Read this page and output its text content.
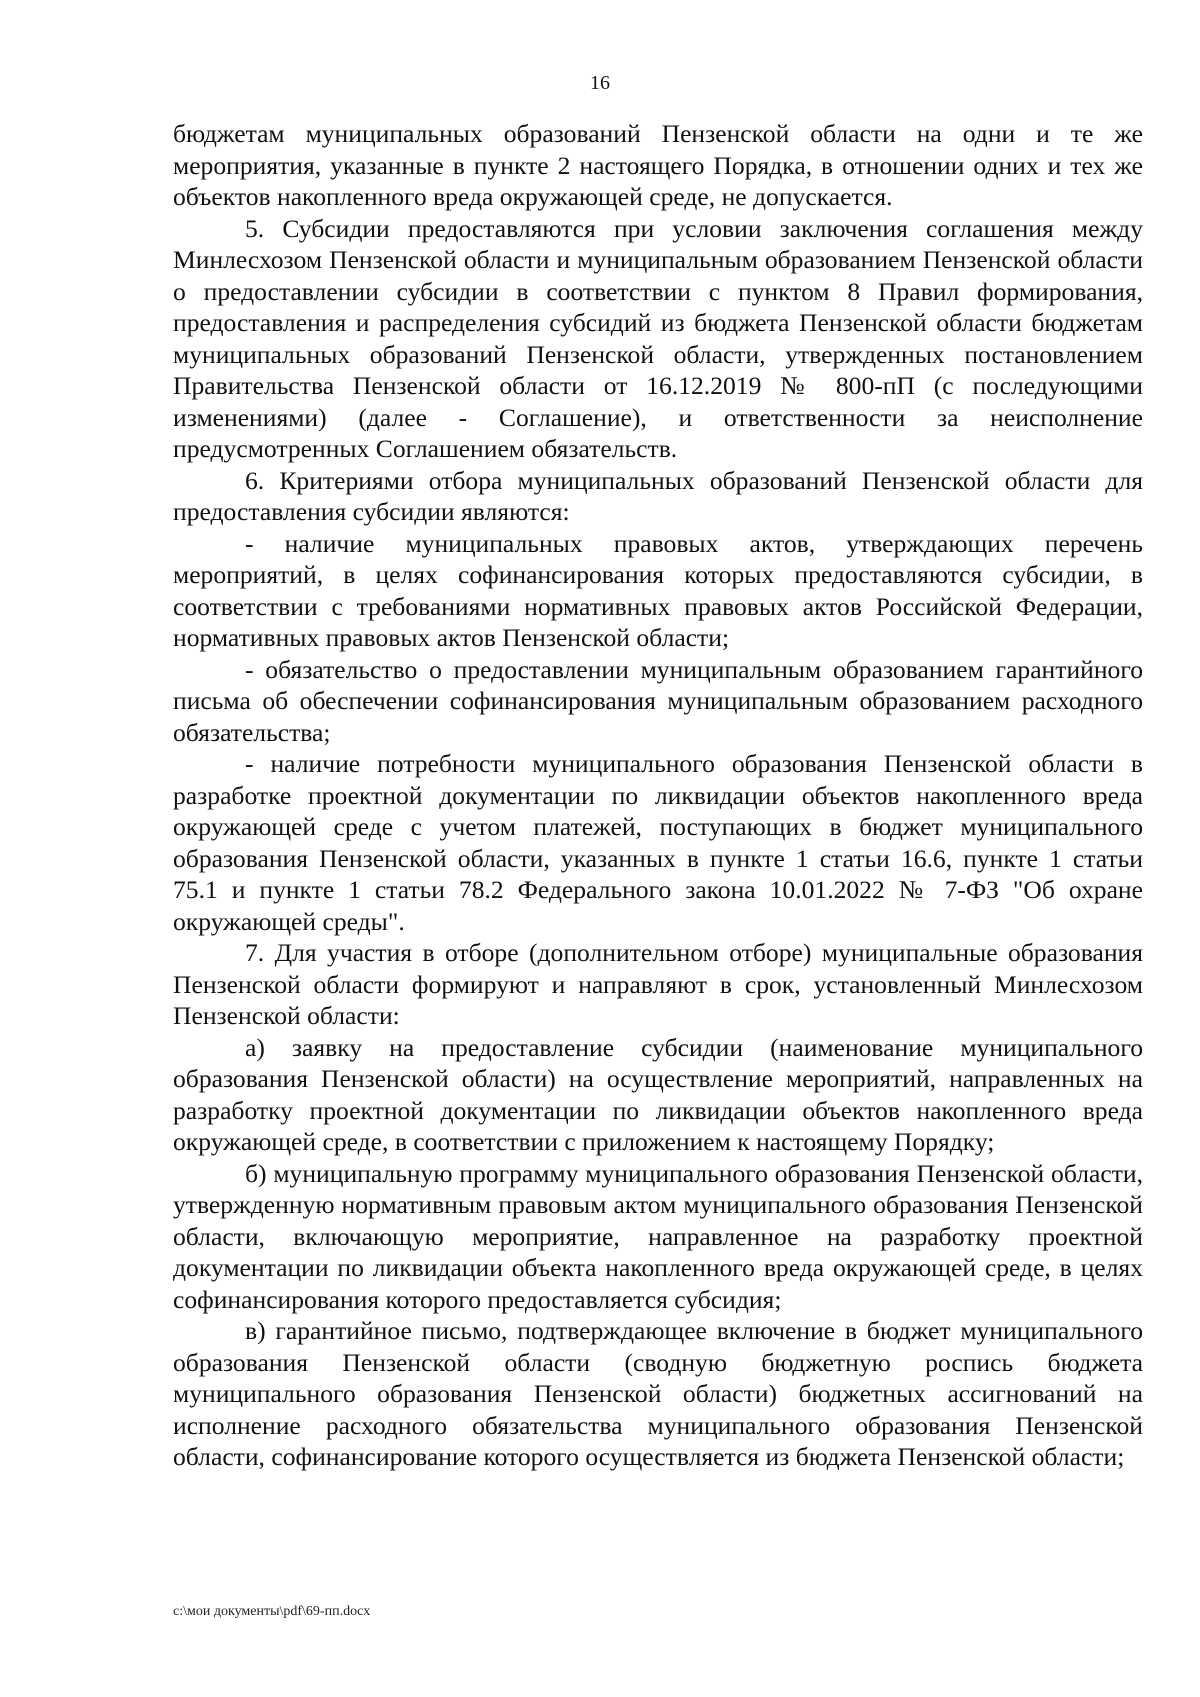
16

бюджетам муниципальных образований Пензенской области на одни и те же мероприятия, указанные в пункте 2 настоящего Порядка, в отношении одних и тех же объектов накопленного вреда окружающей среде, не допускается.

5. Субсидии предоставляются при условии заключения соглашения между Минлесхозом Пензенской области и муниципальным образованием Пензенской области о предоставлении субсидии в соответствии с пунктом 8 Правил формирования, предоставления и распределения субсидий из бюджета Пензенской области бюджетам муниципальных образований Пензенской области, утвержденных постановлением Правительства Пензенской области от 16.12.2019 № 800-пП (с последующими изменениями) (далее - Соглашение), и ответственности за неисполнение предусмотренных Соглашением обязательств.

6. Критериями отбора муниципальных образований Пензенской области для предоставления субсидии являются:

- наличие муниципальных правовых актов, утверждающих перечень мероприятий, в целях софинансирования которых предоставляются субсидии, в соответствии с требованиями нормативных правовых актов Российской Федерации, нормативных правовых актов Пензенской области;

- обязательство о предоставлении муниципальным образованием гарантийного письма об обеспечении софинансирования муниципальным образованием расходного обязательства;

- наличие потребности муниципального образования Пензенской области в разработке проектной документации по ликвидации объектов накопленного вреда окружающей среде с учетом платежей, поступающих в бюджет муниципального образования Пензенской области, указанных в пункте 1 статьи 16.6, пункте 1 статьи 75.1 и пункте 1 статьи 78.2 Федерального закона 10.01.2022 № 7-ФЗ "Об охране окружающей среды".

7. Для участия в отборе (дополнительном отборе) муниципальные образования Пензенской области формируют и направляют в срок, установленный Минлесхозом Пензенской области:

а) заявку на предоставление субсидии (наименование муниципального образования Пензенской области) на осуществление мероприятий, направленных на разработку проектной документации по ликвидации объектов накопленного вреда окружающей среде, в соответствии с приложением к настоящему Порядку;

б) муниципальную программу муниципального образования Пензенской области, утвержденную нормативным правовым актом муниципального образования Пензенской области, включающую мероприятие, направленное на разработку проектной документации по ликвидации объекта накопленного вреда окружающей среде, в целях софинансирования которого предоставляется субсидия;

в) гарантийное письмо, подтверждающее включение в бюджет муниципального образования Пензенской области (сводную бюджетную роспись бюджета муниципального образования Пензенской области) бюджетных ассигнований на исполнение расходного обязательства муниципального образования Пензенской области, софинансирование которого осуществляется из бюджета Пензенской области;

c:\мои документы\pdf\69-пп.docx
